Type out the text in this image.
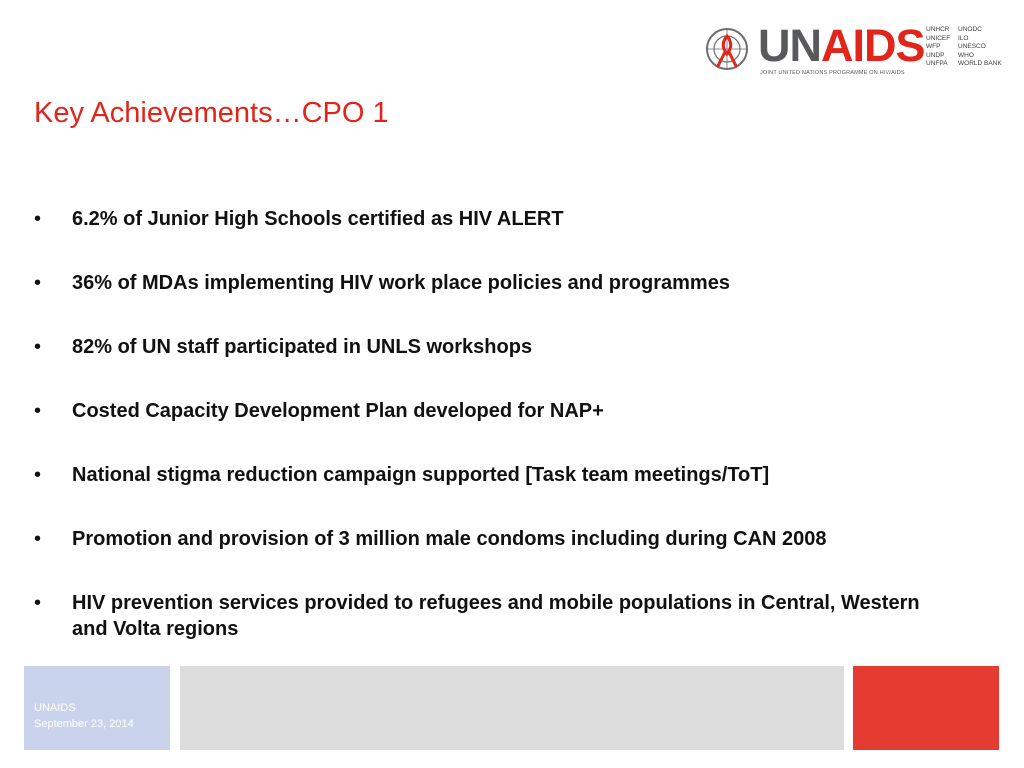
UNAIDS
JOINT UNITED NATIONS PROGRAMME ON HIV/AIDS
UNHCR
UNICEF
WFP
UNDP
UNFPA
UNODC
ILO
UNESCO
WHO
WORLD BANK
Key Achievements…CPO 1
• 6.2% of Junior High Schools certified as HIV ALERT
• 36% of MDAs implementing HIV work place policies and programmes
• 82% of UN staff participated in UNLS workshops
• Costed Capacity Development Plan developed for NAP+
• National stigma reduction campaign supported [Task team meetings/ToT]
• Promotion and provision of 3 million male condoms including during CAN 2008
• HIV prevention services provided to refugees and mobile populations in Central, Western and Volta regions
UNAIDS
September 23, 2014
